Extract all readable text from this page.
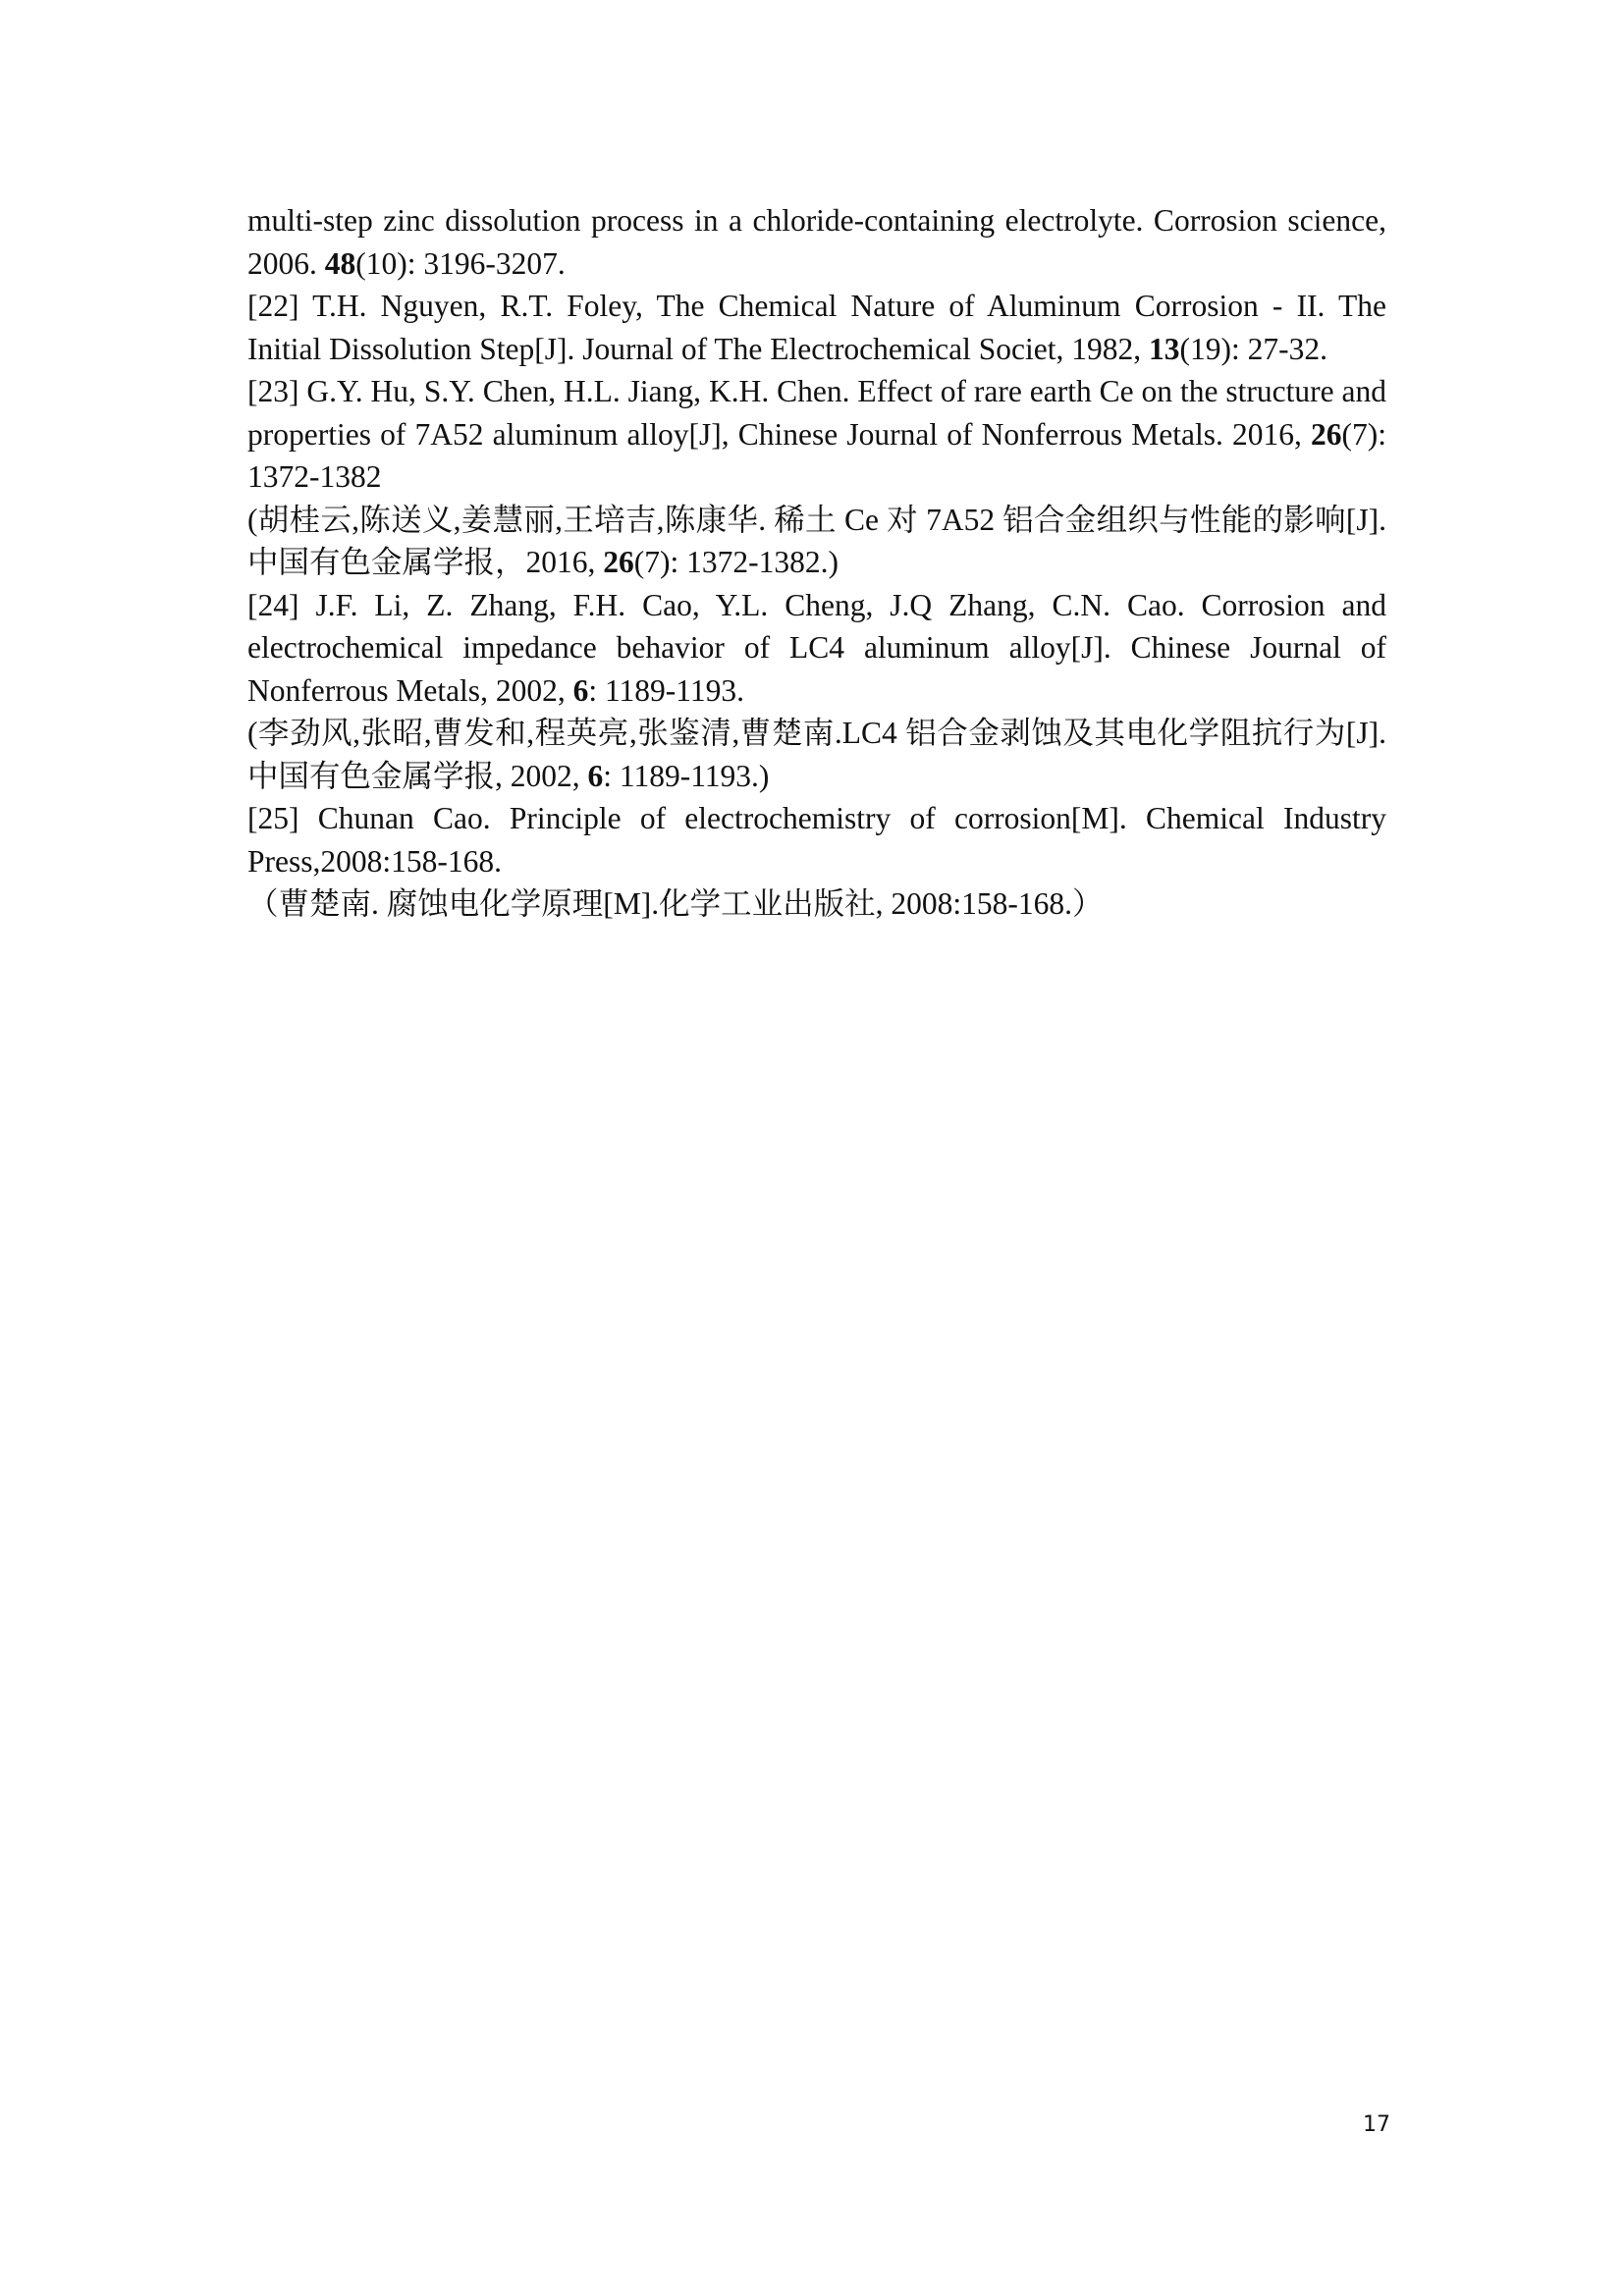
multi-step zinc dissolution process in a chloride-containing electrolyte. Corrosion science, 2006. 48(10): 3196-3207.

[22] T.H. Nguyen, R.T. Foley, The Chemical Nature of Aluminum Corrosion - II. The Initial Dissolution Step[J]. Journal of The Electrochemical Societ, 1982, 13(19): 27-32.

[23] G.Y. Hu, S.Y. Chen, H.L. Jiang, K.H. Chen. Effect of rare earth Ce on the structure and properties of 7A52 aluminum alloy[J], Chinese Journal of Nonferrous Metals. 2016, 26(7): 1372-1382

(胡桂云,陈送义,姜慧丽,王培吉,陈康华. 稀土 Ce 对 7A52 铝合金组织与性能的影响[J]. 中国有色金属学报，2016, 26(7): 1372-1382.)

[24] J.F. Li, Z. Zhang, F.H. Cao, Y.L. Cheng, J.Q Zhang, C.N. Cao. Corrosion and electrochemical impedance behavior of LC4 aluminum alloy[J]. Chinese Journal of Nonferrous Metals, 2002, 6: 1189-1193.

(李劲风,张昭,曹发和,程英亮,张鉴清,曹楚南.LC4 铝合金剥蚀及其电化学阻抗行为[J]. 中国有色金属学报, 2002, 6: 1189-1193.)

[25] Chunan Cao. Principle of electrochemistry of corrosion[M]. Chemical Industry Press,2008:158-168.

（曹楚南. 腐蚀电化学原理[M].化学工业出版社, 2008:158-168.）

17
